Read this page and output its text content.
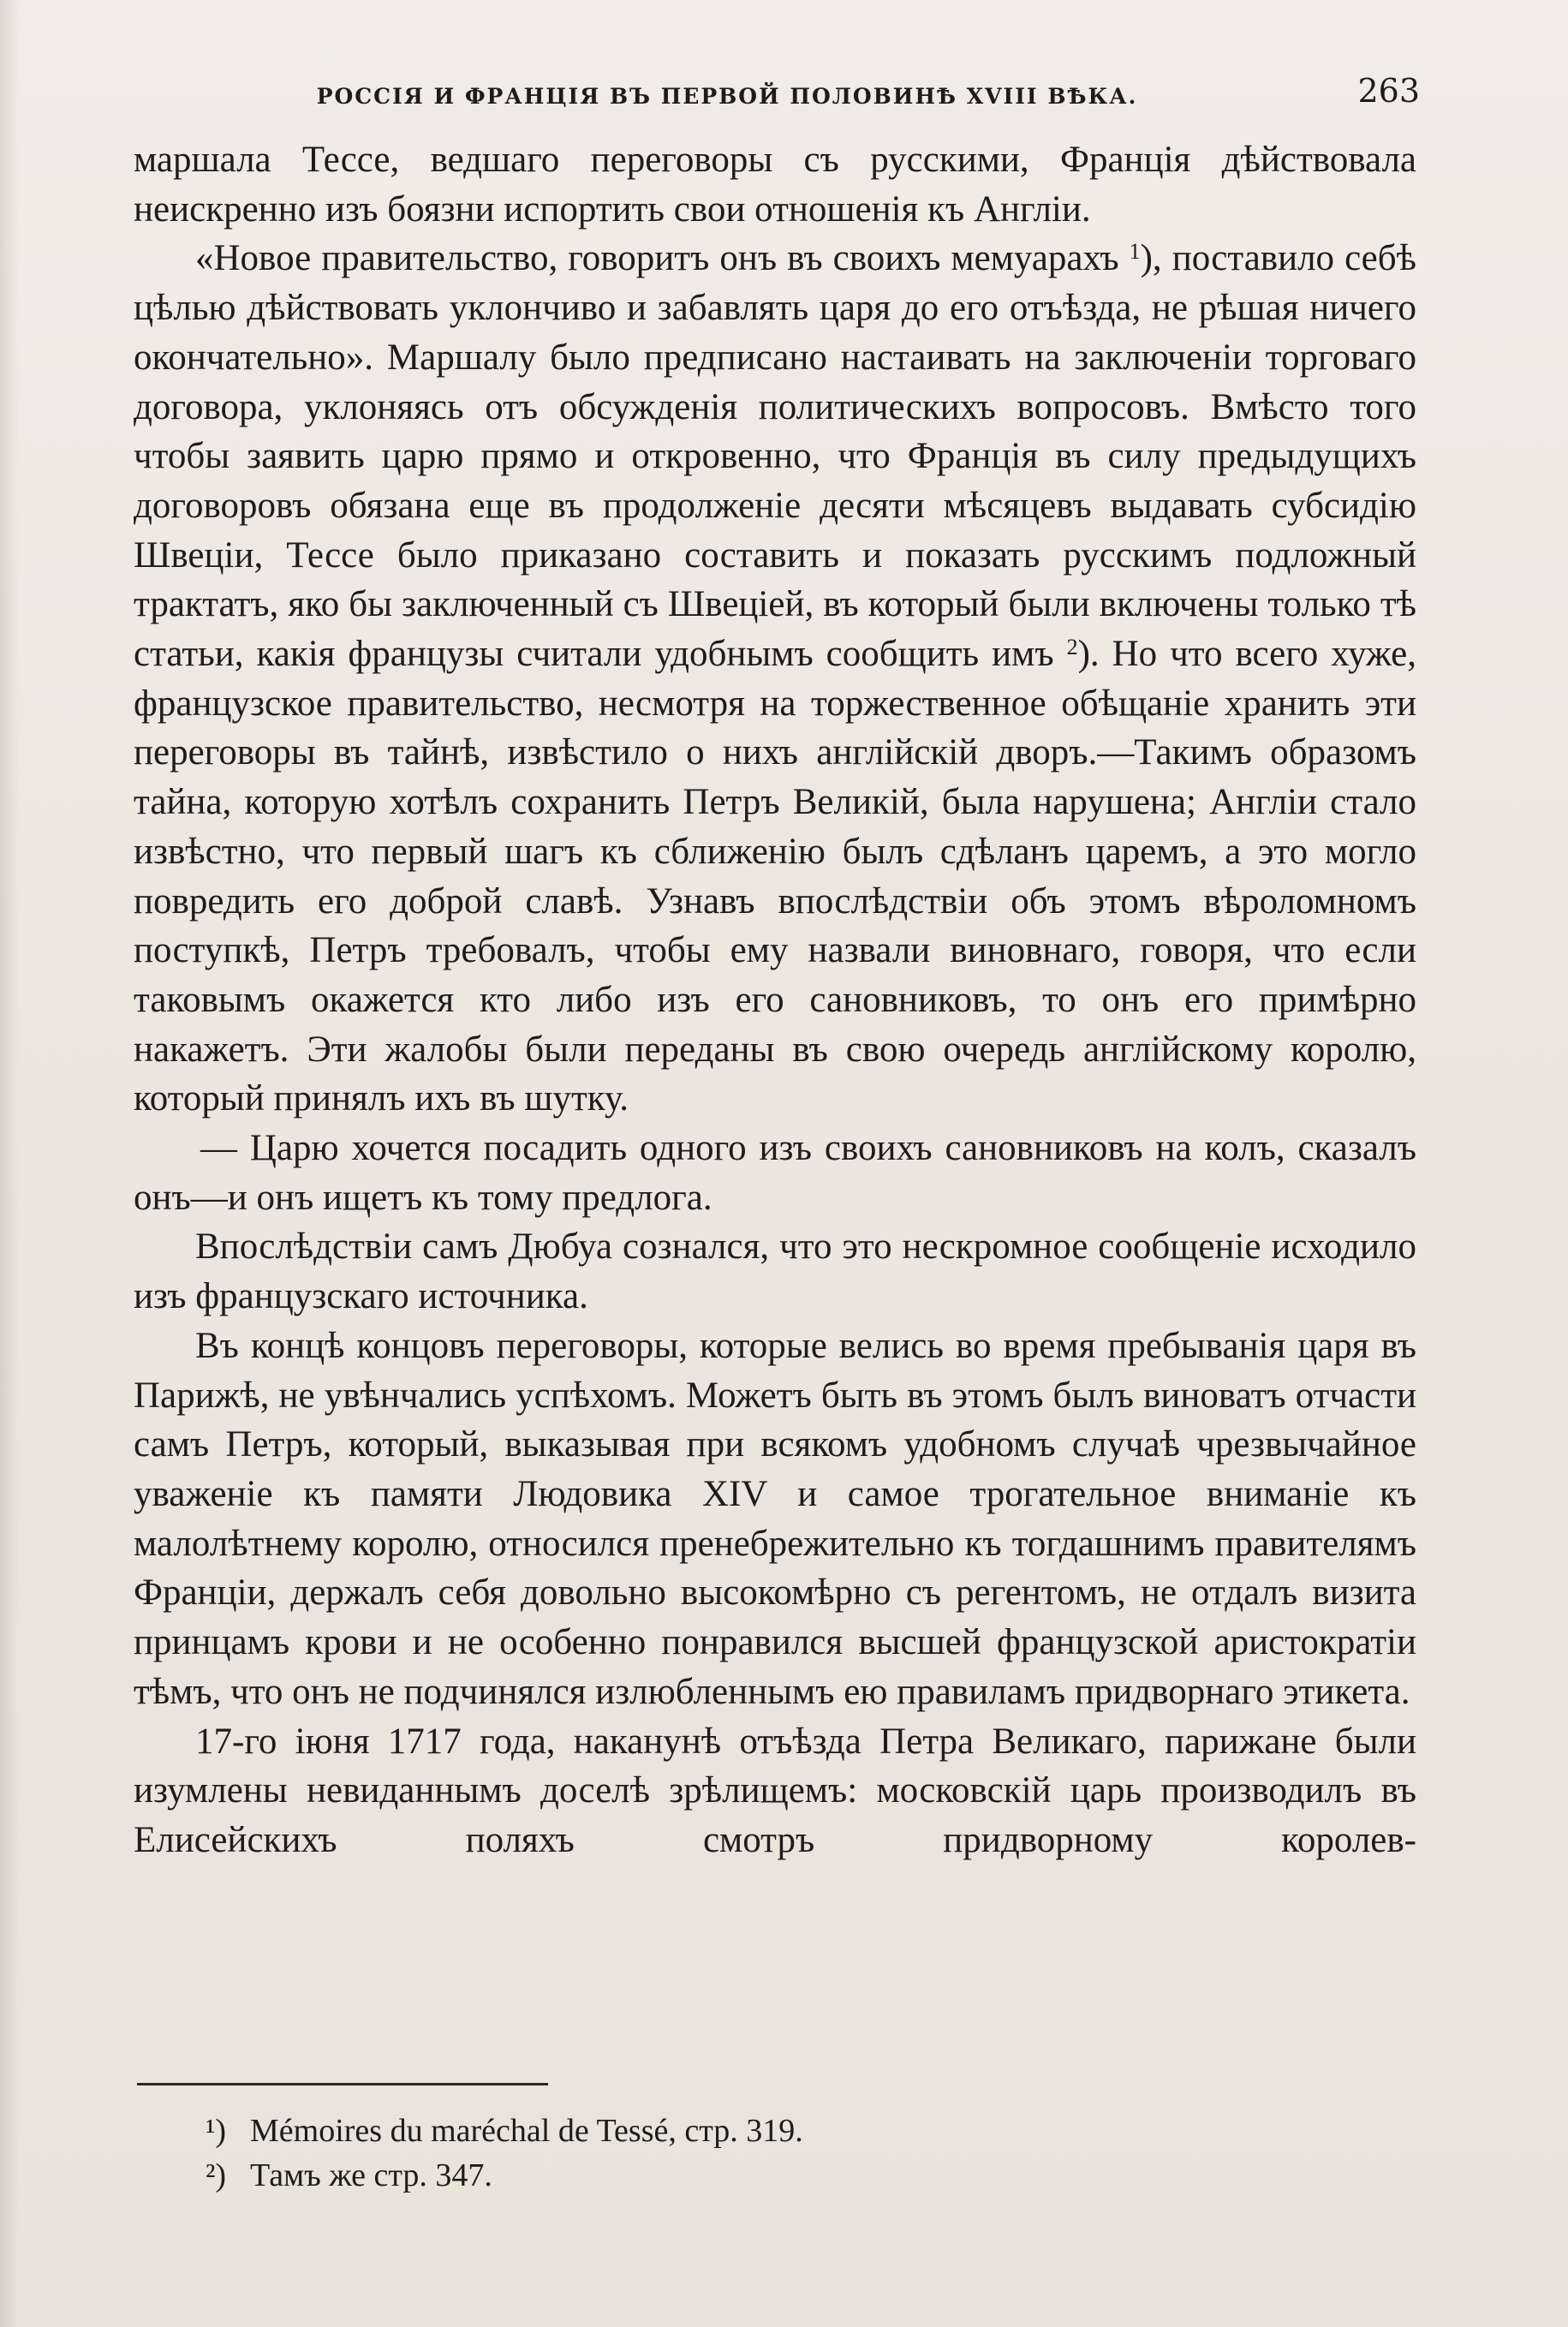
РОССІЯ И ФРАНЦІЯ ВЪ ПЕРВОЙ ПОЛОВИНѢ XVIII ВѢКА.	263

маршала Тессе, ведшаго переговоры съ русскими, Франція дѣйствовала неискренно изъ боязни испортить свои отношенія къ Англіи.

«Новое правительство, говоритъ онъ въ своихъ мемуарахъ $^1$), поставило себѣ цѣлью дѣйствовать уклончиво и забавлять царя до его отъѣзда, не рѣшая ничего окончательно». Маршалу было предписано настаивать на заключеніи торговаго договора, уклоняясь отъ обсужденія политическихъ вопросовъ. Вмѣсто того чтобы заявить царю прямо и откровенно, что Франція въ силу предыдущихъ договоровъ обязана еще въ продолженіе десяти мѣсяцевъ выдавать субсидію Швеціи, Тессе было приказано составить и показать русскимъ подложный трактатъ, яко бы заключенный съ Швеціей, въ который были включены только тѣ статьи, какія французы считали удобнымъ сообщить имъ $^2$). Но что всего хуже, французское правительство, несмотря на торжественное обѣщаніе хранить эти переговоры въ тайнѣ, извѣстило о нихъ англійскій дворъ.—Такимъ образомъ тайна, которую хотѣлъ сохранить Петръ Великій, была нарушена; Англіи стало извѣстно, что первый шагъ къ сближенію былъ сдѣланъ царемъ, а это могло повредить его доброй славѣ. Узнавъ впослѣдствіи объ этомъ вѣроломномъ поступкѣ, Петръ требовалъ, чтобы ему назвали виновнаго, говоря, что если таковымъ окажется кто либо изъ его сановниковъ, то онъ его примѣрно накажетъ. Эти жалобы были переданы въ свою очередь англійскому королю, который принялъ ихъ въ шутку.

— Царю хочется посадить одного изъ своихъ сановниковъ на колъ, сказалъ онъ—и онъ ищетъ къ тому предлога.

Впослѣдствіи самъ Дюбуа сознался, что это нескромное сообщеніе исходило изъ французскаго источника.

Въ концѣ концовъ переговоры, которые велись во время пребыванія царя въ Парижѣ, не увѣнчались успѣхомъ. Можетъ быть въ этомъ былъ виноватъ отчасти самъ Петръ, который, выказывая при всякомъ удобномъ случаѣ чрезвычайное уваженіе къ памяти Людовика XIV и самое трогательное вниманіе къ малолѣтнему королю, относился пренебрежительно къ тогдашнимъ правителямъ Франціи, держалъ себя довольно высокомѣрно съ регентомъ, не отдалъ визита принцамъ крови и не особенно понравился высшей французской аристократіи тѣмъ, что онъ не подчинялся излюбленнымъ ею правиламъ придворнаго этикета.

17-го іюня 1717 года, наканунѣ отъѣзда Петра Великаго, парижане были изумлены невиданнымъ доселѣ зрѣлищемъ: московскій царь производилъ въ Елисейскихъ поляхъ смотръ придворному королев-

¹) Mémoires du maréchal de Tessé, стр. 319.

²) Тамъ же стр. 347.
